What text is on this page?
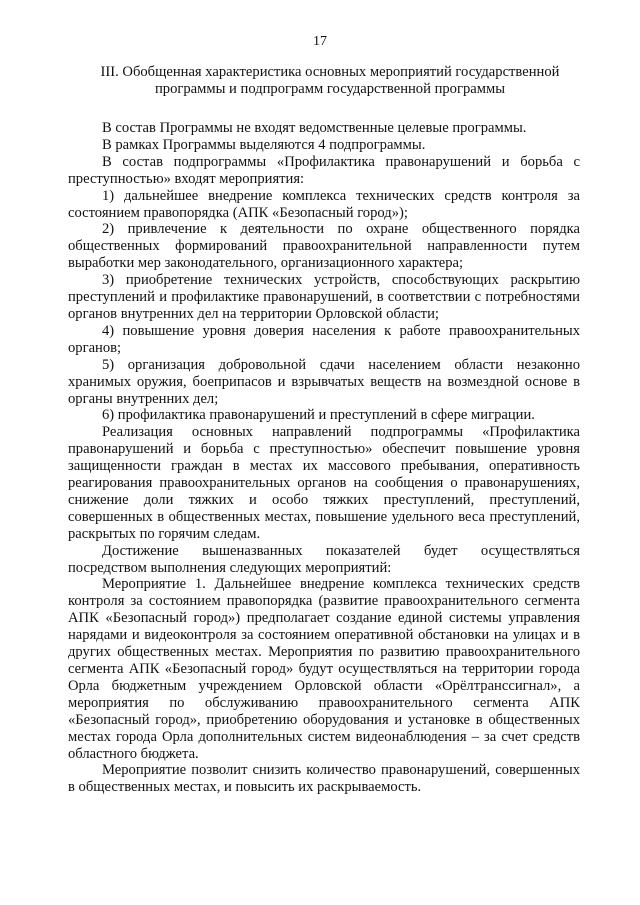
17
III. Обобщенная характеристика основных мероприятий государственной программы и подпрограмм государственной программы

В состав Программы не входят ведомственные целевые программы.

В рамках Программы выделяются 4 подпрограммы.

В состав подпрограммы «Профилактика правонарушений и борьба с преступностью» входят мероприятия:

1) дальнейшее внедрение комплекса технических средств контроля за состоянием правопорядка (АПК «Безопасный город»);

2) привлечение к деятельности по охране общественного порядка общественных формирований правоохранительной направленности путем выработки мер законодательного, организационного характера;

3) приобретение технических устройств, способствующих раскрытию преступлений и профилактике правонарушений, в соответствии с потребностями органов внутренних дел на территории Орловской области;

4) повышение уровня доверия населения к работе правоохранительных органов;

5) организация добровольной сдачи населением области незаконно хранимых оружия, боеприпасов и взрывчатых веществ на возмездной основе в органы внутренних дел;

6) профилактика правонарушений и преступлений в сфере миграции.

Реализация основных направлений подпрограммы «Профилактика правонарушений и борьба с преступностью» обеспечит повышение уровня защищенности граждан в местах их массового пребывания, оперативность реагирования правоохранительных органов на сообщения о правонарушениях, снижение доли тяжких и особо тяжких преступлений, преступлений, совершенных в общественных местах, повышение удельного веса преступлений, раскрытых по горячим следам.

Достижение вышеназванных показателей будет осуществляться посредством выполнения следующих мероприятий:

Мероприятие 1. Дальнейшее внедрение комплекса технических средств контроля за состоянием правопорядка (развитие правоохранительного сегмента АПК «Безопасный город») предполагает создание единой системы управления нарядами и видеоконтроля за состоянием оперативной обстановки на улицах и в других общественных местах. Мероприятия по развитию правоохранительного сегмента АПК «Безопасный город» будут осуществляться на территории города Орла бюджетным учреждением Орловской области «Орёлтранссигнал», а мероприятия по обслуживанию правоохранительного сегмента АПК «Безопасный город», приобретению оборудования и установке в общественных местах города Орла дополнительных систем видеонаблюдения – за счет средств областного бюджета.

Мероприятие позволит снизить количество правонарушений, совершенных в общественных местах, и повысить их раскрываемость.
